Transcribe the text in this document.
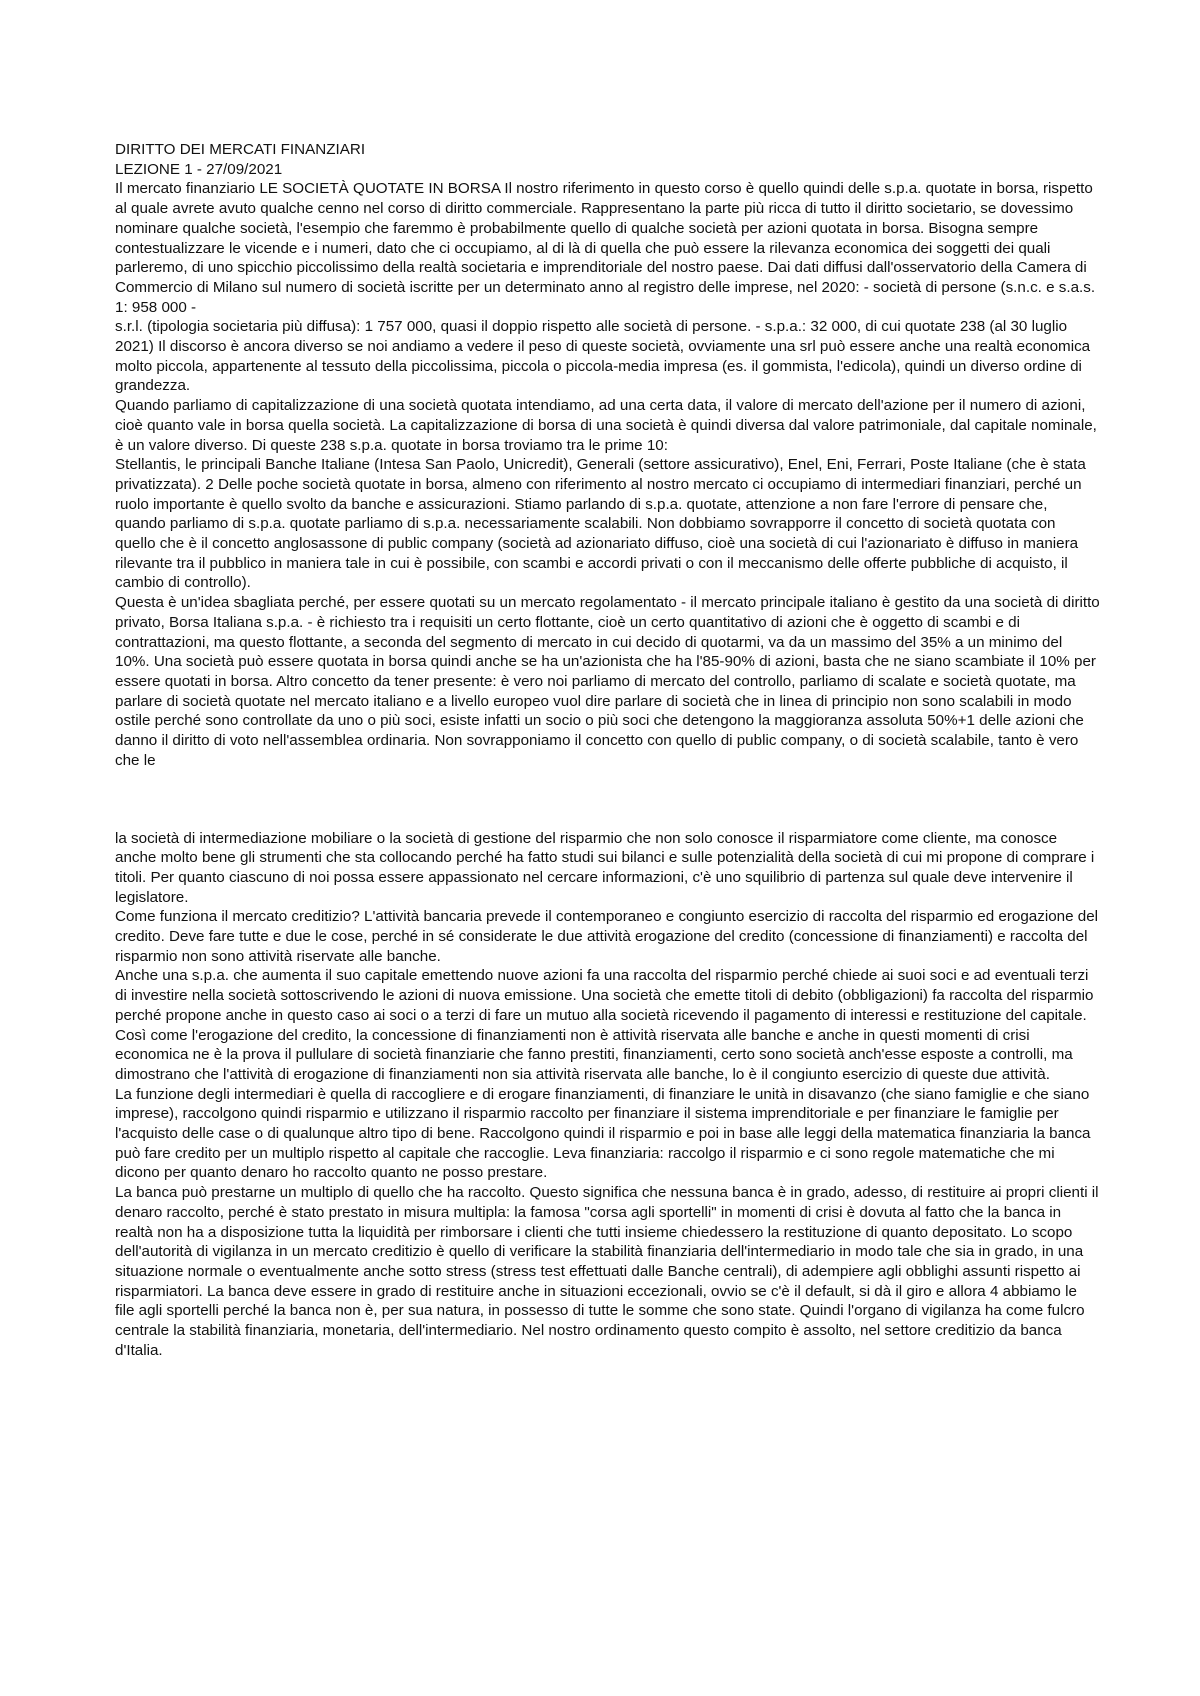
DIRITTO DEI MERCATI FINANZIARI

LEZIONE 1 - 27/09/2021

Il mercato finanziario LE SOCIETÀ QUOTATE IN BORSA Il nostro riferimento in questo corso è quello quindi delle s.p.a. quotate in borsa, rispetto al quale avrete avuto qualche cenno nel corso di diritto commerciale. Rappresentano la parte più ricca di tutto il diritto societario, se dovessimo nominare qualche società, l'esempio che faremmo è probabilmente quello di qualche società per azioni quotata in borsa. Bisogna sempre contestualizzare le vicende e i numeri, dato che ci occupiamo, al di là di quella che può essere la rilevanza economica dei soggetti dei quali parleremo, di uno spicchio piccolissimo della realtà societaria e imprenditoriale del nostro paese. Dai dati diffusi dall'osservatorio della Camera di Commercio di Milano sul numero di società iscritte per un determinato anno al registro delle imprese, nel 2020: - società di persone (s.n.c. e s.a.s. 1: 958 000 -

s.r.l. (tipologia societaria più diffusa): 1 757 000, quasi il doppio rispetto alle società di persone. - s.p.a.: 32 000, di cui quotate 238 (al 30 luglio 2021) Il discorso è ancora diverso se noi andiamo a vedere il peso di queste società, ovviamente una srl può essere anche una realtà economica molto piccola, appartenente al tessuto della piccolissima, piccola o piccola-media impresa (es. il gommista, l'edicola), quindi un diverso ordine di grandezza.

Quando parliamo di capitalizzazione di una società quotata intendiamo, ad una certa data, il valore di mercato dell'azione per il numero di azioni, cioè quanto vale in borsa quella società. La capitalizzazione di borsa di una società è quindi diversa dal valore patrimoniale, dal capitale nominale, è un valore diverso. Di queste 238 s.p.a. quotate in borsa troviamo tra le prime 10:

Stellantis, le principali Banche Italiane (Intesa San Paolo, Unicredit), Generali (settore assicurativo), Enel, Eni, Ferrari, Poste Italiane (che è stata privatizzata). 2 Delle poche società quotate in borsa, almeno con riferimento al nostro mercato ci occupiamo di intermediari finanziari, perché un ruolo importante è quello svolto da banche e assicurazioni. Stiamo parlando di s.p.a. quotate, attenzione a non fare l'errore di pensare che, quando parliamo di s.p.a. quotate parliamo di s.p.a. necessariamente scalabili. Non dobbiamo sovrapporre il concetto di società quotata con quello che è il concetto anglosassone di public company (società ad azionariato diffuso, cioè una società di cui l'azionariato è diffuso in maniera rilevante tra il pubblico in maniera tale in cui è possibile, con scambi e accordi privati o con il meccanismo delle offerte pubbliche di acquisto, il cambio di controllo).

Questa è un'idea sbagliata perché, per essere quotati su un mercato regolamentato - il mercato principale italiano è gestito da una società di diritto privato, Borsa Italiana s.p.a. - è richiesto tra i requisiti un certo flottante, cioè un certo quantitativo di azioni che è oggetto di scambi e di contrattazioni, ma questo flottante, a seconda del segmento di mercato in cui decido di quotarmi, va da un massimo del 35% a un minimo del 10%. Una società può essere quotata in borsa quindi anche se ha un'azionista che ha l'85-90% di azioni, basta che ne siano scambiate il 10% per essere quotati in borsa. Altro concetto da tener presente: è vero noi parliamo di mercato del controllo, parliamo di scalate e società quotate, ma parlare di società quotate nel mercato italiano e a livello europeo vuol dire parlare di società che in linea di principio non sono scalabili in modo ostile perché sono controllate da uno o più soci, esiste infatti un socio o più soci che detengono la maggioranza assoluta 50%+1 delle azioni che danno il diritto di voto nell'assemblea ordinaria. Non sovrapponiamo il concetto con quello di public company, o di società scalabile, tanto è vero che le

la società di intermediazione mobiliare o la società di gestione del risparmio che non solo conosce il risparmiatore come cliente, ma conosce anche molto bene gli strumenti che sta collocando perché ha fatto studi sui bilanci e sulle potenzialità della società di cui mi propone di comprare i titoli. Per quanto ciascuno di noi possa essere appassionato nel cercare informazioni, c'è uno squilibrio di partenza sul quale deve intervenire il legislatore.

Come funziona il mercato creditizio? L'attività bancaria prevede il contemporaneo e congiunto esercizio di raccolta del risparmio ed erogazione del credito. Deve fare tutte e due le cose, perché in sé considerate le due attività erogazione del credito (concessione di finanziamenti) e raccolta del risparmio non sono attività riservate alle banche.

Anche una s.p.a. che aumenta il suo capitale emettendo nuove azioni fa una raccolta del risparmio perché chiede ai suoi soci e ad eventuali terzi di investire nella società sottoscrivendo le azioni di nuova emissione. Una società che emette titoli di debito (obbligazioni) fa raccolta del risparmio perché propone anche in questo caso ai soci o a terzi di fare un mutuo alla società ricevendo il pagamento di interessi e restituzione del capitale. Così come l'erogazione del credito, la concessione di finanziamenti non è attività riservata alle banche e anche in questi momenti di crisi economica ne è la prova il pullulare di società finanziarie che fanno prestiti, finanziamenti, certo sono società anch'esse esposte a controlli, ma dimostrano che l'attività di erogazione di finanziamenti non sia attività riservata alle banche, lo è il congiunto esercizio di queste due attività.

La funzione degli intermediari è quella di raccogliere e di erogare finanziamenti, di finanziare le unità in disavanzo (che siano famiglie e che siano imprese), raccolgono quindi risparmio e utilizzano il risparmio raccolto per finanziare il sistema imprenditoriale e per finanziare le famiglie per l'acquisto delle case o di qualunque altro tipo di bene. Raccolgono quindi il risparmio e poi in base alle leggi della matematica finanziaria la banca può fare credito per un multiplo rispetto al capitale che raccoglie. Leva finanziaria: raccolgo il risparmio e ci sono regole matematiche che mi dicono per quanto denaro ho raccolto quanto ne posso prestare.

La banca può prestarne un multiplo di quello che ha raccolto. Questo significa che nessuna banca è in grado, adesso, di restituire ai propri clienti il denaro raccolto, perché è stato prestato in misura multipla: la famosa "corsa agli sportelli" in momenti di crisi è dovuta al fatto che la banca in realtà non ha a disposizione tutta la liquidità per rimborsare i clienti che tutti insieme chiedessero la restituzione di quanto depositato. Lo scopo dell'autorità di vigilanza in un mercato creditizio è quello di verificare la stabilità finanziaria dell'intermediario in modo tale che sia in grado, in una situazione normale o eventualmente anche sotto stress (stress test effettuati dalle Banche centrali), di adempiere agli obblighi assunti rispetto ai risparmiatori. La banca deve essere in grado di restituire anche in situazioni eccezionali, ovvio se c'è il default, si dà il giro e allora 4 abbiamo le file agli sportelli perché la banca non è, per sua natura, in possesso di tutte le somme che sono state. Quindi l'organo di vigilanza ha come fulcro centrale la stabilità finanziaria, monetaria, dell'intermediario. Nel nostro ordinamento questo compito è assolto, nel settore creditizio da banca d'Italia.
